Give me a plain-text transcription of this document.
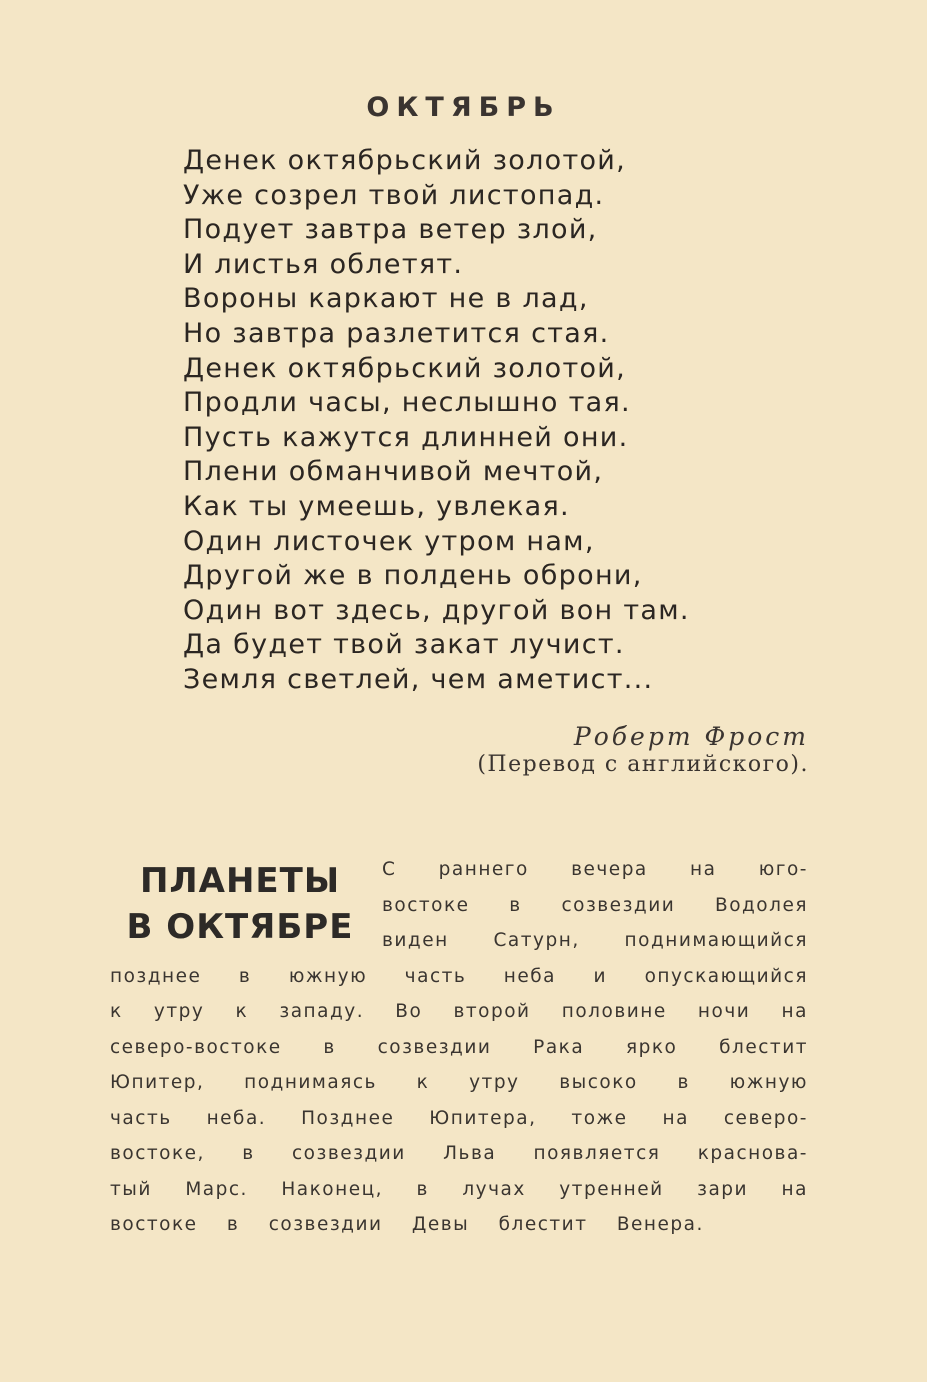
ОКТЯБРЬ
Денек октябрьский золотой,
Уже созрел твой листопад.
Подует завтра ветер злой,
И листья облетят.
Вороны каркают не в лад,
Но завтра разлетится стая.
Денек октябрьский золотой,
Продли часы, неслышно тая.
Пусть кажутся длинней они.
Плени обманчивой мечтой,
Как ты умеешь, увлекая.
Один листочек утром нам,
Другой же в полдень оброни,
Один вот здесь, другой вон там.
Да будет твой закат лучист.
Земля светлей, чем аметист...
Роберт Фрост
(Перевод с английского).
ПЛАНЕТЫ
В ОКТЯБРЕ
С раннего вечера на юго-
востоке в созвездии Водолея
виден Сатурн, поднимающийся
позднее в южную часть неба и опускающийся
к утру к западу. Во второй половине ночи на
северо-востоке в созвездии Рака ярко блестит
Юпитер, поднимаясь к утру высоко в южную
часть неба. Позднее Юпитера, тоже на северо-
востоке, в созвездии Льва появляется краснова-
тый Марс. Наконец, в лучах утренней зари на
востоке в созвездии Девы блестит Венера.
